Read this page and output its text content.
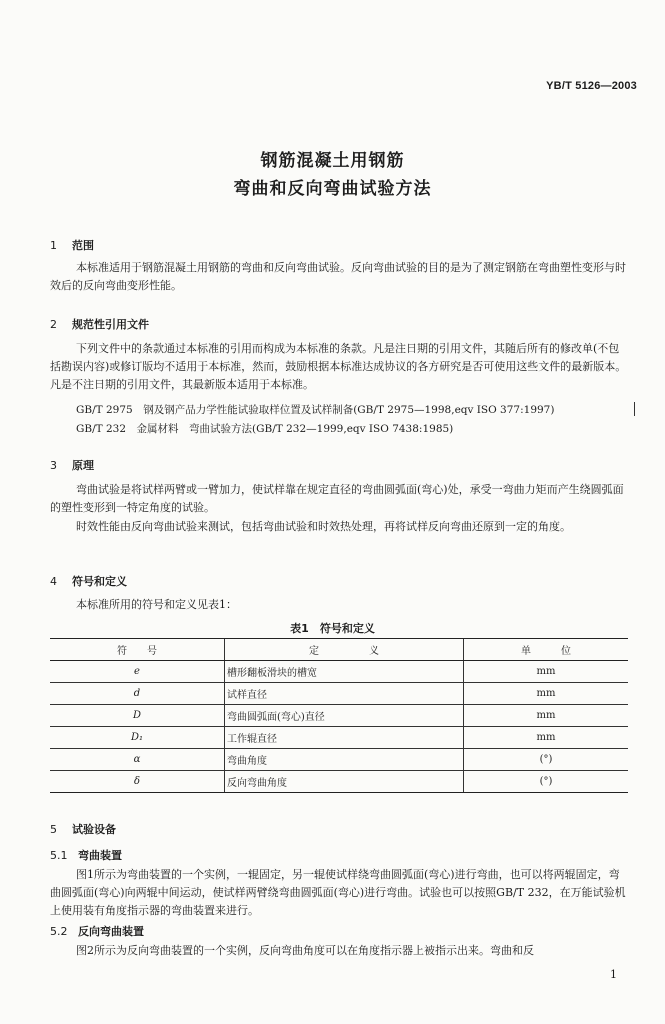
YB/T 5126—2003
钢筋混凝土用钢筋
弯曲和反向弯曲试验方法
1 范围
本标准适用于钢筋混凝土用钢筋的弯曲和反向弯曲试验。反向弯曲试验的目的是为了测定钢筋在弯曲塑性变形与时效后的反向弯曲变形性能。
2 规范性引用文件
下列文件中的条款通过本标准的引用而构成为本标准的条款。凡是注日期的引用文件，其随后所有的修改单(不包括勘误内容)或修订版均不适用于本标准，然而，鼓励根据本标准达成协议的各方研究是否可使用这些文件的最新版本。凡是不注日期的引用文件，其最新版本适用于本标准。
GB/T 2975　钢及钢产品力学性能试验取样位置及试样制备(GB/T 2975—1998,eqv ISO 377:1997)
GB/T 232　金属材料　弯曲试验方法(GB/T 232—1999,eqv ISO 7438:1985)
3 原理
弯曲试验是将试样两臂或一臂加力，使试样靠在规定直径的弯曲圆弧面(弯心)处，承受一弯曲力矩而产生绕圆弧面的塑性变形到一特定角度的试验。
时效性能由反向弯曲试验来测试，包括弯曲试验和时效热处理，再将试样反向弯曲还原到一定的角度。
4 符号和定义
本标准所用的符号和定义见表1：
表1　符号和定义
符　　号	定　　　　　义	单　　　位
e	槽形翻板滑块的槽宽	mm
d	试样直径	mm
D	弯曲圆弧面(弯心)直径	mm
D₁	工作辊直径	mm
α	弯曲角度	(°)
δ	反向弯曲角度	(°)
5 试验设备
5.1 弯曲装置
图1所示为弯曲装置的一个实例，一辊固定，另一辊使试样绕弯曲圆弧面(弯心)进行弯曲，也可以将两辊固定，弯曲圆弧面(弯心)向两辊中间运动，使试样两臂绕弯曲圆弧面(弯心)进行弯曲。试验也可以按照GB/T 232，在万能试验机上使用装有角度指示器的弯曲装置来进行。
5.2 反向弯曲装置
图2所示为反向弯曲装置的一个实例，反向弯曲角度可以在角度指示器上被指示出来。弯曲和反
1
